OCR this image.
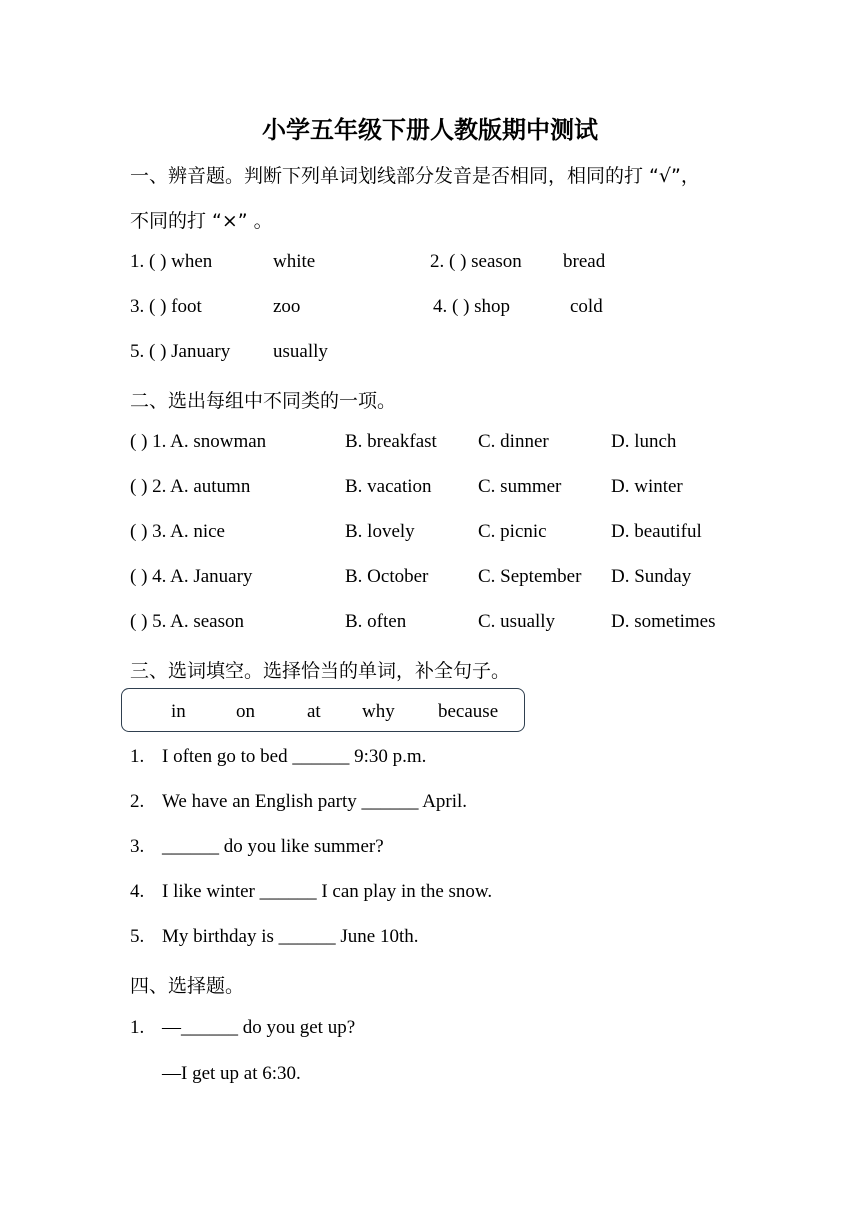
小学五年级下册人教版期中测试
一、辨音题。判断下列单词划线部分发音是否相同，相同的打 “√”，
不同的打 “×” 。
1. ( ) when	white	2. ( ) season bread
3. ( ) foot	zoo	4. ( ) shop	cold
5. ( ) January usually
二、选出每组中不同类的一项。
( ) 1. A. snowman	B. breakfast C. dinner	D. lunch
( ) 2. A. autumn	B. vacation C. summer	D. winter
( ) 3. A. nice	B. lovely	C. picnic	D. beautiful
( ) 4. A. January	B. October	C. September D. Sunday
( ) 5. A. season	B. often	C. usually	D. sometimes
三、选词填空。选择恰当的单词，补全句子。
in	on	at why because
1. I often go to bed ______ 9:30 p.m.
2. We have an English party ______ April.
3. ______ do you like summer?
4. I like winter ______ I can play in the snow.
5. My birthday is ______ June 10th.
四、选择题。
1. —______ do you get up?
—I get up at 6:30.
